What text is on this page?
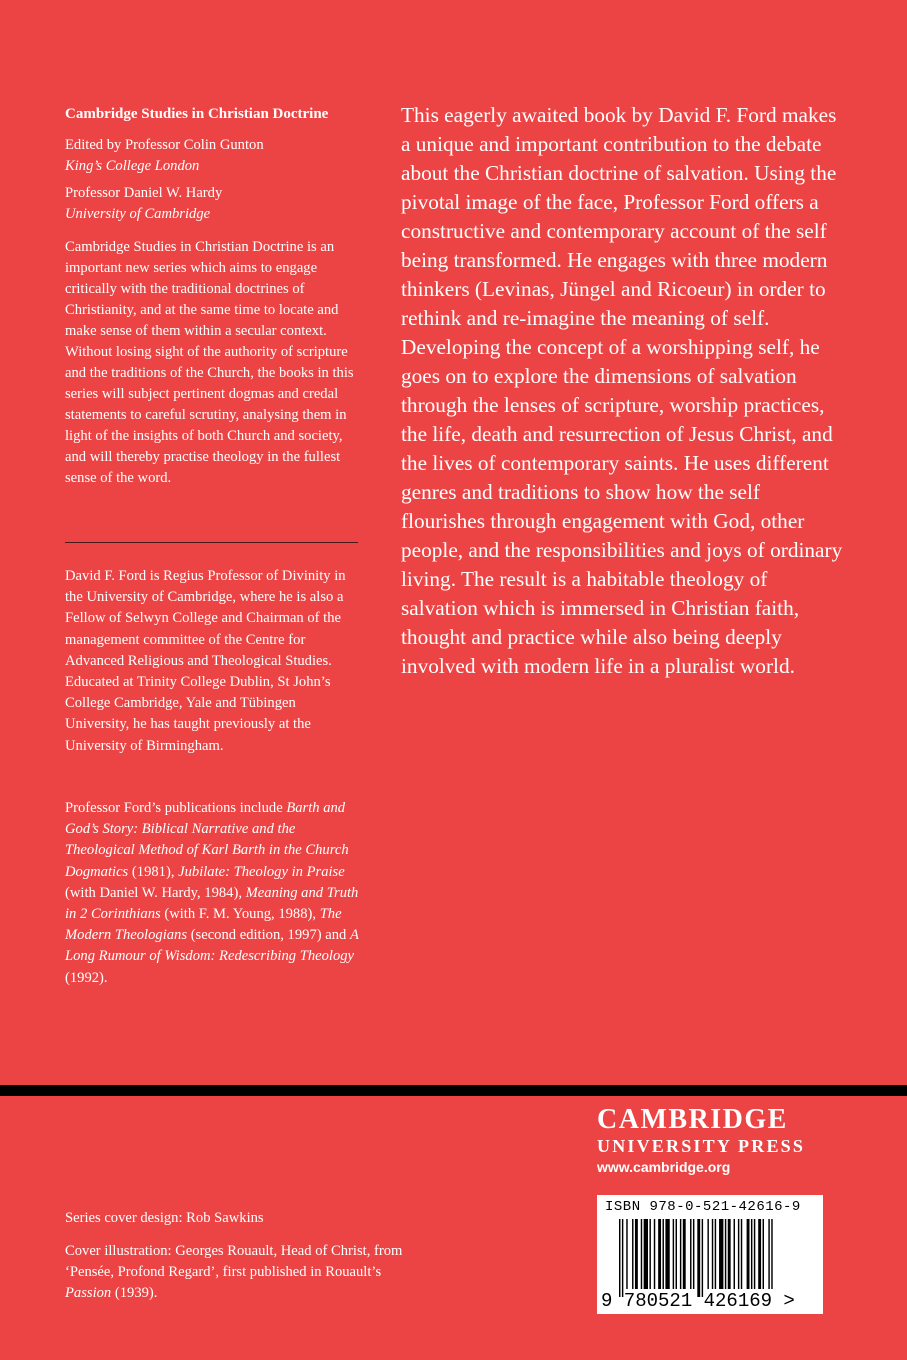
Cambridge Studies in Christian Doctrine

Edited by Professor Colin Gunton

King’s College London

Professor Daniel W. Hardy

University of Cambridge

Cambridge Studies in Christian Doctrine is an important new series which aims to engage critically with the traditional doctrines of Christianity, and at the same time to locate and make sense of them within a secular context. Without losing sight of the authority of scripture and the traditions of the Church, the books in this series will subject pertinent dogmas and credal statements to careful scrutiny, analysing them in light of the insights of both Church and society, and will thereby practise theology in the fullest sense of the word.

David F. Ford is Regius Professor of Divinity in the University of Cambridge, where he is also a Fellow of Selwyn College and Chairman of the management committee of the Centre for Advanced Religious and Theological Studies. Educated at Trinity College Dublin, St John’s College Cambridge, Yale and Tübingen University, he has taught previously at the University of Birmingham.

Professor Ford’s publications include Barth and God’s Story: Biblical Narrative and the Theological Method of Karl Barth in the Church Dogmatics (1981), Jubilate: Theology in Praise (with Daniel W. Hardy, 1984), Meaning and Truth in 2 Corinthians (with F. M. Young, 1988), The Modern Theologians (second edition, 1997) and A Long Rumour of Wisdom: Redescribing Theology (1992).

This eagerly awaited book by David F. Ford makes a unique and important contribution to the debate about the Christian doctrine of salvation. Using the pivotal image of the face, Professor Ford offers a constructive and contemporary account of the self being transformed. He engages with three modern thinkers (Levinas, Jüngel and Ricoeur) in order to rethink and re-imagine the meaning of self. Developing the concept of a worshipping self, he goes on to explore the dimensions of salvation through the lenses of scripture, worship practices, the life, death and resurrection of Jesus Christ, and the lives of contemporary saints. He uses different genres and traditions to show how the self flourishes through engagement with God, other people, and the responsibilities and joys of ordinary living. The result is a habitable theology of salvation which is immersed in Christian faith, thought and practice while also being deeply involved with modern life in a pluralist world.

CAMBRIDGE

UNIVERSITY PRESS

www.cambridge.org

ISBN 978-0-521-42616-9
9 780521 426169 >

Series cover design: Rob Sawkins

Cover illustration: Georges Rouault, Head of Christ, from ‘Pensée, Profond Regard’, first published in Rouault’s Passion (1939).
